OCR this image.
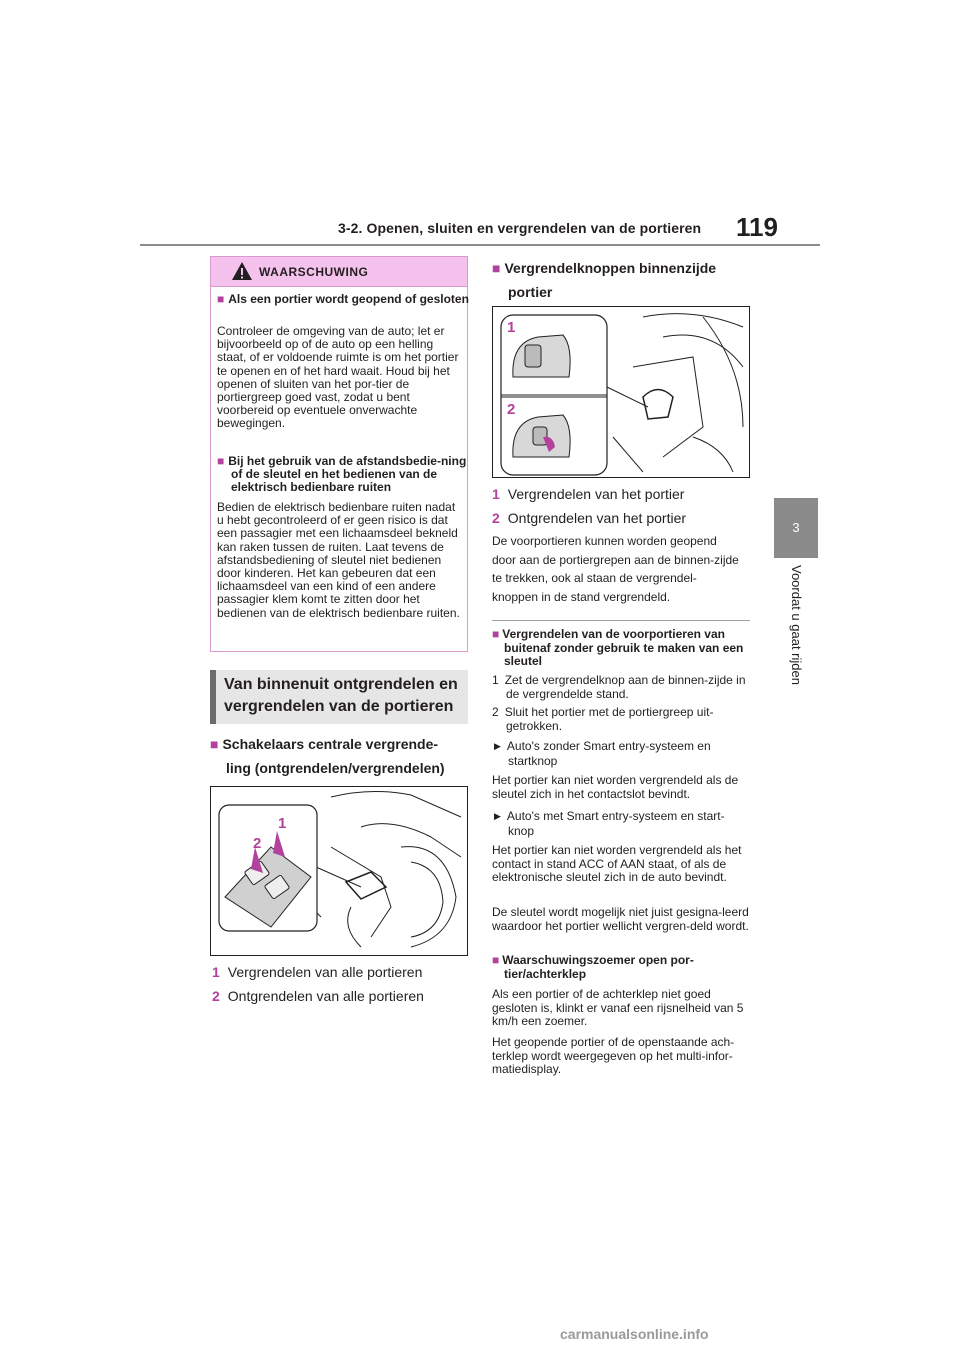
3-2. Openen, sluiten en vergrendelen van de portieren 119
3
Voordat u gaat rijden
WAARSCHUWING
■ Als een portier wordt geopend of gesloten
Controleer de omgeving van de auto; let er bijvoorbeeld op of de auto op een helling staat, of er voldoende ruimte is om het portier te openen en of het hard waait. Houd bij het openen of sluiten van het por-tier de portiergreep goed vast, zodat u bent voorbereid op eventuele onverwachte bewegingen.
■ Bij het gebruik van de afstandsbedie-ning of de sleutel en het bedienen van de elektrisch bedienbare ruiten
Bedien de elektrisch bedienbare ruiten nadat u hebt gecontroleerd of er geen risico is dat een passagier met een lichaamsdeel bekneld kan raken tussen de ruiten. Laat tevens de afstandsbediening of sleutel niet bedienen door kinderen. Het kan gebeuren dat een lichaamsdeel van een kind of een andere passagier klem komt te zitten door het bedienen van de elektrisch bedienbare ruiten.
Van binnenuit ontgrendelen en
vergrendelen van de portieren
■ Schakelaars centrale vergrende-
ling (ontgrendelen/vergrendelen)
1
2
1 Vergrendelen van alle portieren
2 Ontgrendelen van alle portieren
■ Vergrendelknoppen binnenzijde
portier
1
2
1 Vergrendelen van het portier
2 Ontgrendelen van het portier
De voorportieren kunnen worden geopend door aan de portiergrepen aan de binnen-zijde te trekken, ook al staan de vergrendel-knoppen in de stand vergrendeld.
■ Vergrendelen van de voorportieren van buitenaf zonder gebruik te maken van een sleutel
1 Zet de vergrendelknop aan de binnen-zijde in de vergrendelde stand.
2 Sluit het portier met de portiergreep uit-getrokken.
▶ Auto's zonder Smart entry-systeem en startknop
Het portier kan niet worden vergrendeld als de sleutel zich in het contactslot bevindt.
▶ Auto's met Smart entry-systeem en start-knop
Het portier kan niet worden vergrendeld als het contact in stand ACC of AAN staat, of als de elektronische sleutel zich in de auto bevindt.
De sleutel wordt mogelijk niet juist gesigna-leerd waardoor het portier wellicht vergren-deld wordt.
■ Waarschuwingszoemer open por-tier/achterklep
Als een portier of de achterklep niet goed gesloten is, klinkt er vanaf een rijsnelheid van 5 km/h een zoemer.
Het geopende portier of de openstaande ach-terklep wordt weergegeven op het multi-infor-matiedisplay.
carmanualsonline.info
